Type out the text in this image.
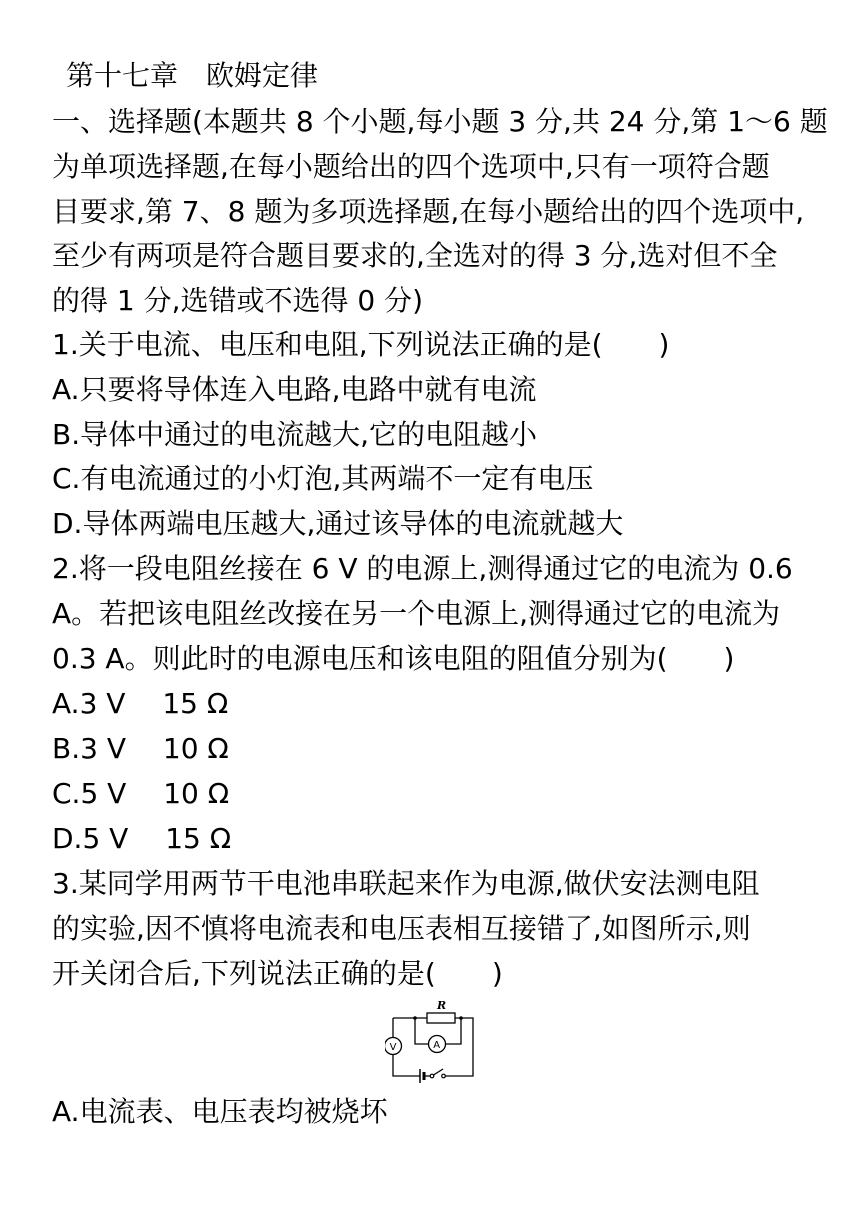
第十七章　欧姆定律
一、选择题(本题共 8 个小题,每小题 3 分,共 24 分,第 1～6 题
为单项选择题,在每小题给出的四个选项中,只有一项符合题
目要求,第 7、8 题为多项选择题,在每小题给出的四个选项中,
至少有两项是符合题目要求的,全选对的得 3 分,选对但不全
的得 1 分,选错或不选得 0 分)
1.关于电流、电压和电阻,下列说法正确的是(　　)
A.只要将导体连入电路,电路中就有电流
B.导体中通过的电流越大,它的电阻越小
C.有电流通过的小灯泡,其两端不一定有电压
D.导体两端电压越大,通过该导体的电流就越大
2.将一段电阻丝接在 6 V 的电源上,测得通过它的电流为 0.6
A。若把该电阻丝改接在另一个电源上,测得通过它的电流为
0.3 A。则此时的电源电压和该电阻的阻值分别为(　　)
A.3 V　 15 Ω
B.3 V　 10 Ω
C.5 V　 10 Ω
D.5 V　 15 Ω
3.某同学用两节干电池串联起来作为电源,做伏安法测电阻
的实验,因不慎将电流表和电压表相互接错了,如图所示,则
开关闭合后,下列说法正确的是(　　)
R
A
V
A.电流表、电压表均被烧坏
